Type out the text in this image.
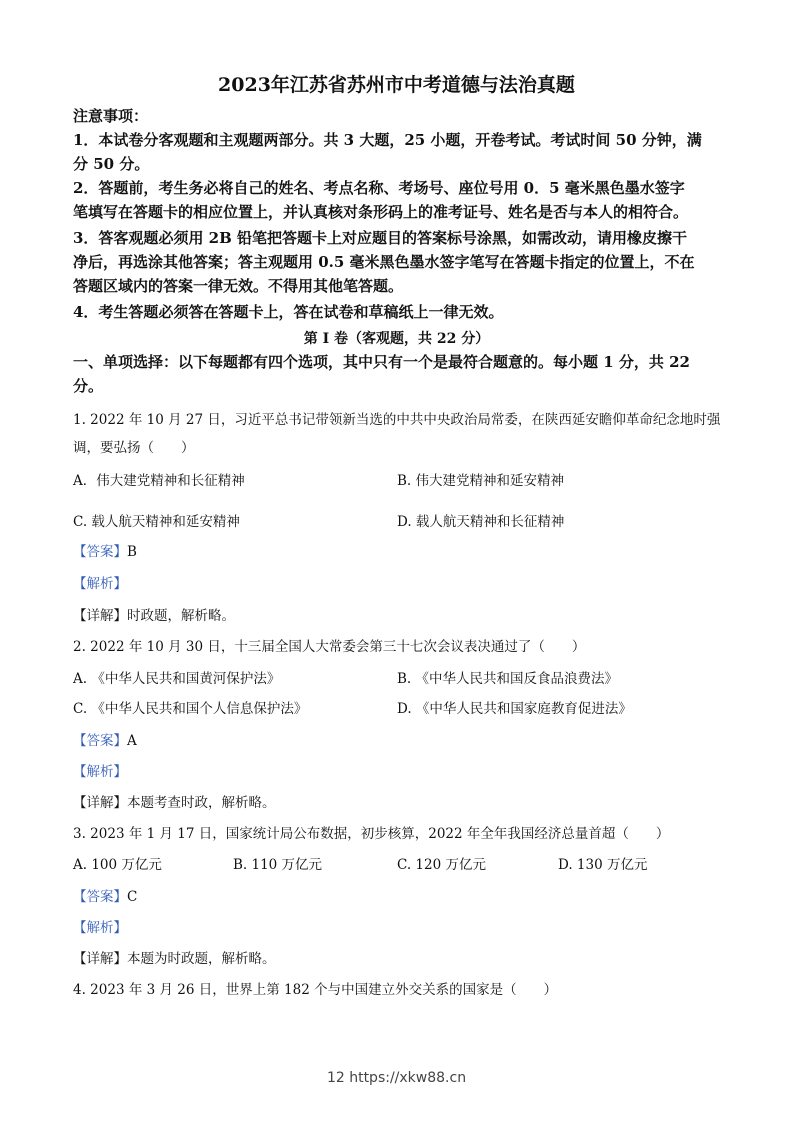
2023年江苏省苏州市中考道德与法治真题
注意事项：
1．本试卷分客观题和主观题两部分。共 3 大题，25 小题，开卷考试。考试时间 50 分钟，满
分 50 分。
2．答题前，考生务必将自己的姓名、考点名称、考场号、座位号用 0．5 毫米黑色墨水签字
笔填写在答题卡的相应位置上，并认真核对条形码上的准考证号、姓名是否与本人的相符合。
3．答客观题必须用 2B 铅笔把答题卡上对应题目的答案标号涂黑，如需改动，请用橡皮擦干
净后，再选涂其他答案；答主观题用 0.5 毫米黑色墨水签字笔写在答题卡指定的位置上，不在
答题区域内的答案一律无效。不得用其他笔答题。
4．考生答题必须答在答题卡上，答在试卷和草稿纸上一律无效。
第 I 卷（客观题，共 22 分）
一、单项选择：以下每题都有四个选项，其中只有一个是最符合题意的。每小题 1 分，共 22
分。
1. 2022 年 10 月 27 日，习近平总书记带领新当选的中共中央政治局常委，在陕西延安瞻仰革命纪念地时强
调，要弘扬（　　）
A．伟大建党精神和长征精神	B. 伟大建党精神和延安精神
C. 载人航天精神和延安精神	D. 载人航天精神和长征精神
【答案】B
【解析】
【详解】时政题，解析略。
2. 2022 年 10 月 30 日，十三届全国人大常委会第三十七次会议表决通过了（　　）
A. 《中华人民共和国黄河保护法》	B. 《中华人民共和国反食品浪费法》
C. 《中华人民共和国个人信息保护法》	D. 《中华人民共和国家庭教育促进法》
【答案】A
【解析】
【详解】本题考查时政，解析略。
3. 2023 年 1 月 17 日，国家统计局公布数据，初步核算，2022 年全年我国经济总量首超（　　）
A. 100 万亿元	B. 110 万亿元	C. 120 万亿元	D. 130 万亿元
【答案】C
【解析】
【详解】本题为时政题，解析略。
4. 2023 年 3 月 26 日，世界上第 182 个与中国建立外交关系的国家是（　　）
12 https://xkw88.cn
